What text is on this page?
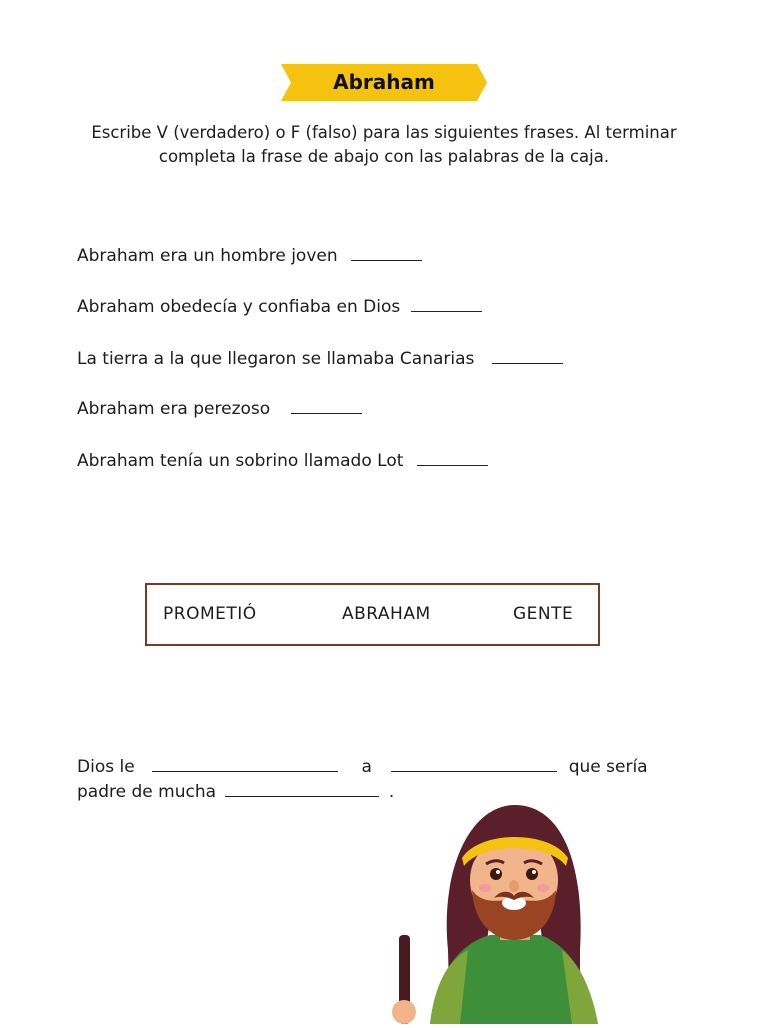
Abraham
Escribe V (verdadero) o F (falso) para las siguientes frases. Al terminar completa la frase de abajo con las palabras de la caja.
Abraham era un hombre joven
Abraham obedecía y confiaba en Dios
La tierra a la que llegaron se llamaba Canarias
Abraham era perezoso
Abraham tenía un sobrino llamado Lot
PROMETIÓ	ABRAHAM	GENTE
Dios le	a	que sería
padre de mucha	.
